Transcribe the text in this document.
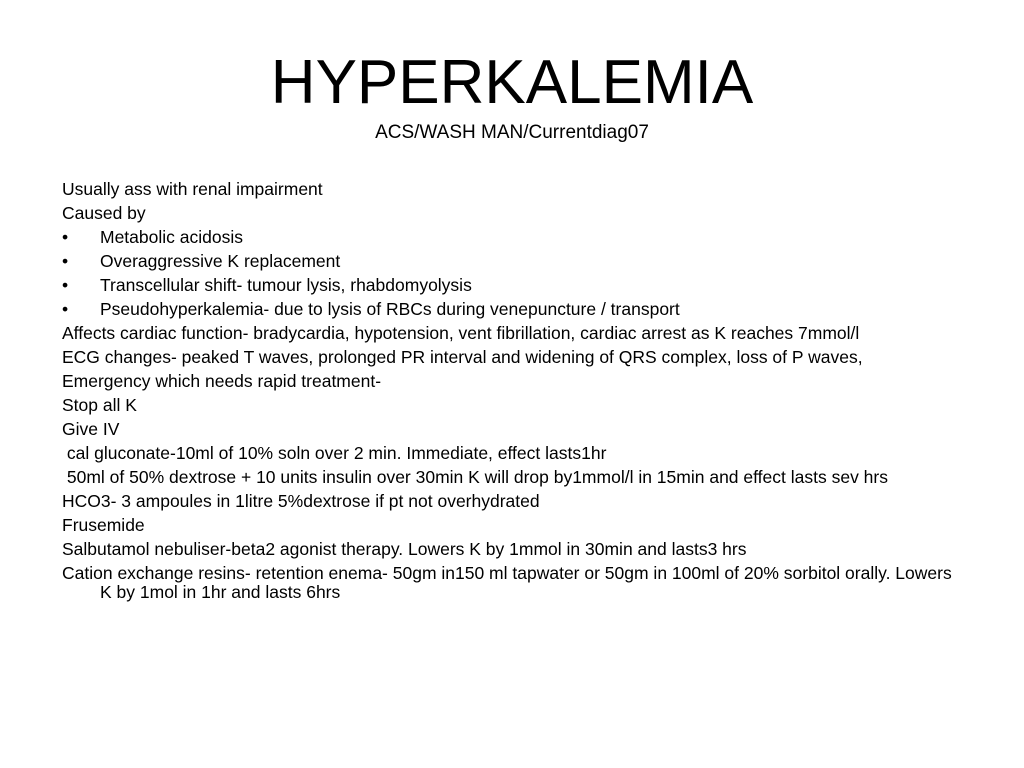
HYPERKALEMIA
ACS/WASH MAN/Currentdiag07
Usually ass with renal impairment
Caused by
•	Metabolic acidosis
•	Overaggressive K replacement
•	Transcellular shift- tumour lysis, rhabdomyolysis
•	Pseudohyperkalemia- due to lysis of RBCs during venepuncture / transport
Affects cardiac function- bradycardia, hypotension, vent fibrillation, cardiac arrest as K reaches 7mmol/l
ECG changes- peaked T waves, prolonged PR interval and widening of QRS complex, loss of P waves,
Emergency which needs rapid treatment-
Stop all K
Give IV
cal gluconate-10ml of 10% soln over 2 min. Immediate, effect lasts1hr
50ml of 50% dextrose + 10 units insulin over 30min K will drop by1mmol/l in 15min and effect lasts sev hrs
HCO3- 3 ampoules in 1litre 5%dextrose if pt not overhydrated
Frusemide
Salbutamol nebuliser-beta2 agonist therapy. Lowers K by 1mmol in 30min and lasts3 hrs
Cation exchange resins- retention enema- 50gm in150 ml tapwater or 50gm in 100ml of 20% sorbitol orally. Lowers K by 1mol in 1hr and lasts 6hrs
